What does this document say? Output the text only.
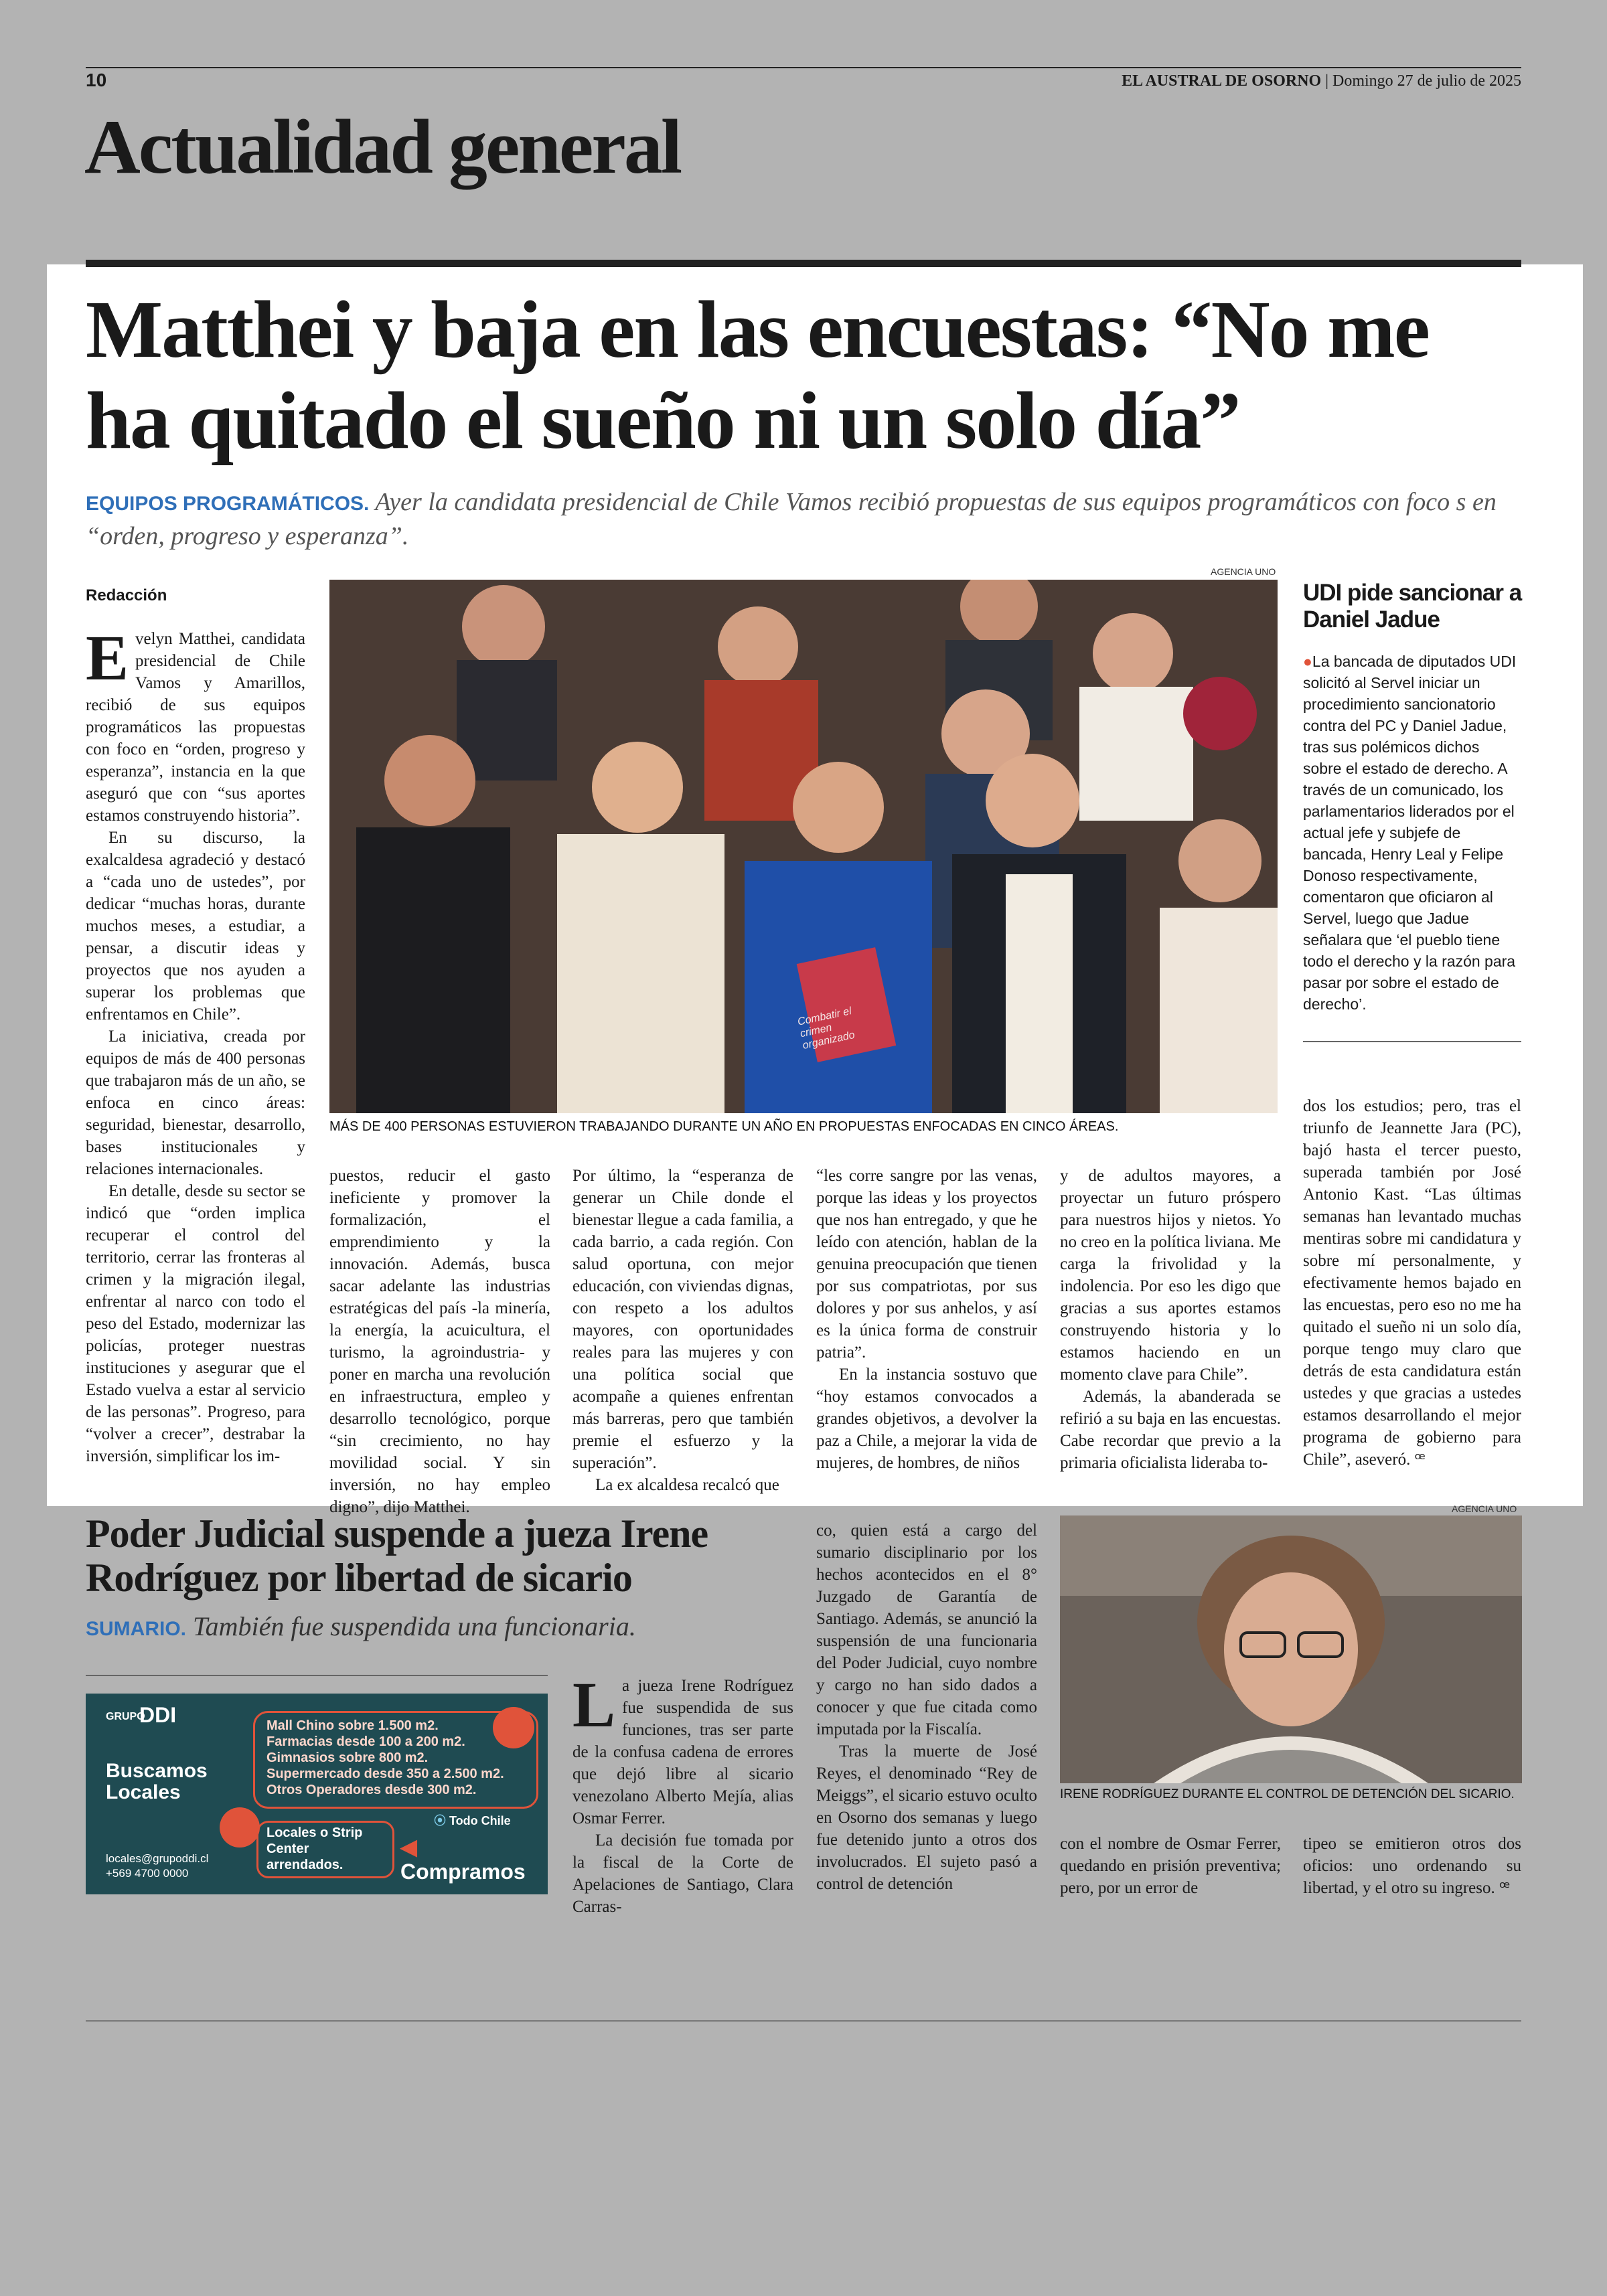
10	EL AUSTRAL DE OSORNO | Domingo 27 de julio de 2025
Actualidad general
Matthei y baja en las encuestas: “No me ha quitado el sueño ni un solo día”
EQUIPOS PROGRAMÁTICOS. Ayer la candidata presidencial de Chile Vamos recibió propuestas de sus equipos programáticos con foco s en “orden, progreso y esperanza”.
Redacción
AGENCIA UNO
Combatir el crimen organizado
MÁS DE 400 PERSONAS ESTUVIERON TRABAJANDO DURANTE UN AÑO EN PROPUESTAS ENFOCADAS EN CINCO ÁREAS.

Evelyn Matthei, candidata presidencial de Chile Vamos y Amarillos, recibió de sus equipos programáticos las propuestas con foco en “orden, progreso y esperanza”, instancia en la que aseguró que con “sus aportes estamos construyendo historia”.

En su discurso, la exalcaldesa agradeció y destacó a “cada uno de ustedes”, por dedicar “muchas horas, durante muchos meses, a estudiar, a pensar, a discutir ideas y proyectos que nos ayuden a superar los problemas que enfrentamos en Chile”.

La iniciativa, creada por equipos de más de 400 personas que trabajaron más de un año, se enfoca en cinco áreas: seguridad, bienestar, desarrollo, bases institucionales y relaciones internacionales.

En detalle, desde su sector se indicó que “orden implica recuperar el control del territorio, cerrar las fronteras al crimen y la migración ilegal, enfrentar al narco con todo el peso del Estado, modernizar las policías, proteger nuestras instituciones y asegurar que el Estado vuelva a estar al servicio de las personas”. Progreso, para “volver a crecer”, destrabar la inversión, simplificar los im-

puestos, reducir el gasto ineficiente y promover la formalización, el emprendimiento y la innovación. Además, busca sacar adelante las industrias estratégicas del país -la minería, la energía, la acuicultura, el turismo, la agroindustria- y poner en marcha una revolución en infraestructura, empleo y desarrollo tecnológico, porque “sin crecimiento, no hay movilidad social. Y sin inversión, no hay empleo digno”, dijo Matthei.

Por último, la “esperanza de generar un Chile donde el bienestar llegue a cada familia, a cada barrio, a cada región. Con salud oportuna, con mejor educación, con viviendas dignas, con respeto a los adultos mayores, con oportunidades reales para las mujeres y con una política social que acompañe a quienes enfrentan más barreras, pero que también premie el esfuerzo y la superación”.

La ex alcaldesa recalcó que

“les corre sangre por las venas, porque las ideas y los proyectos que nos han entregado, y que he leído con atención, hablan de la genuina preocupación que tienen por sus compatriotas, por sus dolores y por sus anhelos, y así es la única forma de construir patria”.

En la instancia sostuvo que “hoy estamos convocados a grandes objetivos, a devolver la paz a Chile, a mejorar la vida de mujeres, de hombres, de niños

y de adultos mayores, a proyectar un futuro próspero para nuestros hijos y nietos. Yo no creo en la política liviana. Me carga la frivolidad y la indolencia. Por eso les digo que gracias a sus aportes estamos construyendo historia y lo estamos haciendo en un momento clave para Chile”.

Además, la abanderada se refirió a su baja en las encuestas. Cabe recordar que previo a la primaria oficialista lideraba to-

UDI pide sancionar a Daniel Jadue

●La bancada de diputados UDI solicitó al Servel iniciar un procedimiento sancionatorio contra del PC y Daniel Jadue, tras sus polémicos dichos sobre el estado de derecho. A través de un comunicado, los parlamentarios liderados por el actual jefe y subjefe de bancada, Henry Leal y Felipe Donoso respectivamente, comentaron que oficiaron al Servel, luego que Jadue señalara que ‘el pueblo tiene todo el derecho y la razón para pasar por sobre el estado de derecho’.

dos los estudios; pero, tras el triunfo de Jeannette Jara (PC), bajó hasta el tercer puesto, superada también por José Antonio Kast. “Las últimas semanas han levantado muchas mentiras sobre mi candidatura y sobre mí personalmente, y efectivamente hemos bajado en las encuestas, pero eso no me ha quitado el sueño ni un solo día, porque tengo muy claro que detrás de esta candidatura están ustedes y que gracias a ustedes estamos desarrollando el mejor programa de gobierno para Chile”, aseveró. ꟹ

Poder Judicial suspende a jueza Irene Rodríguez por libertad de sicario
SUMARIO. También fue suspendida una funcionaria.
GRUPO
DDI
Buscamos Locales
Mall Chino sobre 1.500 m2.
Farmacias desde 100 a 200 m2.
Gimnasios sobre 800 m2.
Supermercado desde 350 a 2.500 m2.
Otros Operadores desde 300 m2.
⦿ Todo Chile
Locales o Strip Center arrendados.
◀ Compramos
locales@grupoddi.cl
+569 4700 0000

La jueza Irene Rodríguez fue suspendida de sus funciones, tras ser parte de la confusa cadena de errores que dejó libre al sicario venezolano Alberto Mejía, alias Osmar Ferrer.

La decisión fue tomada por la fiscal de la Corte de Apelaciones de Santiago, Clara Carras-

co, quien está a cargo del sumario disciplinario por los hechos acontecidos en el 8° Juzgado de Garantía de Santiago. Además, se anunció la suspensión de una funcionaria del Poder Judicial, cuyo nombre y cargo no han sido dados a conocer y que fue citada como imputada por la Fiscalía.

Tras la muerte de José Reyes, el denominado “Rey de Meiggs”, el sicario estuvo oculto en Osorno dos semanas y luego fue detenido junto a otros dos involucrados. El sujeto pasó a control de detención

AGENCIA UNO
IRENE RODRÍGUEZ DURANTE EL CONTROL DE DETENCIÓN DEL SICARIO.

con el nombre de Osmar Ferrer, quedando en prisión preventiva; pero, por un error de

tipeo se emitieron otros dos oficios: uno ordenando su libertad, y el otro su ingreso. ꟹ
